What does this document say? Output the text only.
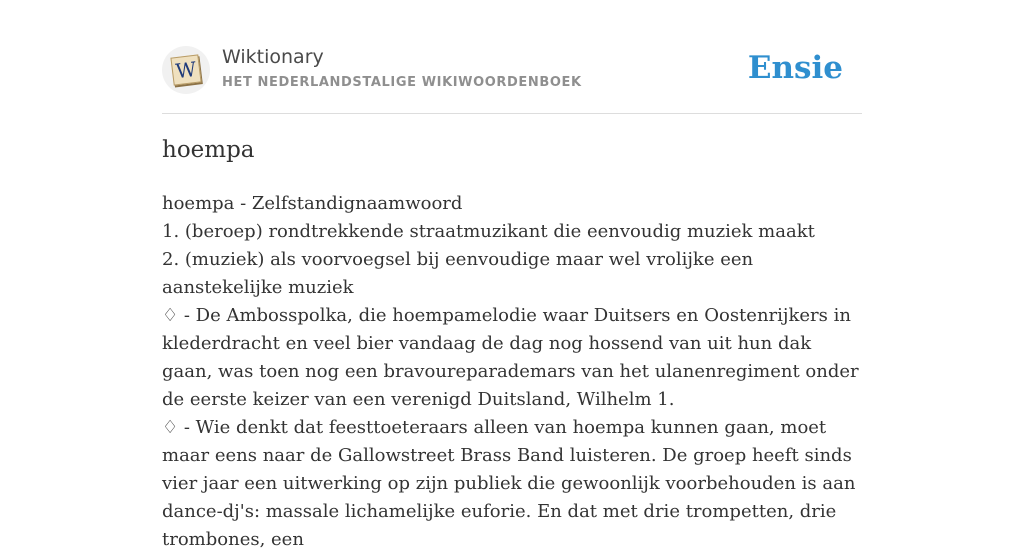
W Wiktionary
HET NEDERLANDSTALIGE WIKIWOORDENBOEK	Ensie
hoempa

hoempa - Zelfstandignaamwoord

1. (beroep) rondtrekkende straatmuzikant die eenvoudig muziek maakt

2. (muziek) als voorvoegsel bij eenvoudige maar wel vrolijke een aanstekelijke muziek

♢ - De Ambosspolka, die hoempamelodie waar Duitsers en Oostenrijkers in klederdracht en veel bier vandaag de dag nog hossend van uit hun dak gaan, was toen nog een bravoureparademars van het ulanenregiment onder de eerste keizer van een verenigd Duitsland, Wilhelm 1.

♢ - Wie denkt dat feesttoeteraars alleen van hoempa kunnen gaan, moet maar eens naar de Gallowstreet Brass Band luisteren. De groep heeft sinds vier jaar een uitwerking op zijn publiek die gewoonlijk voorbehouden is aan dance-dj's: massale lichamelijke euforie. En dat met drie trompetten, drie trombones, een
